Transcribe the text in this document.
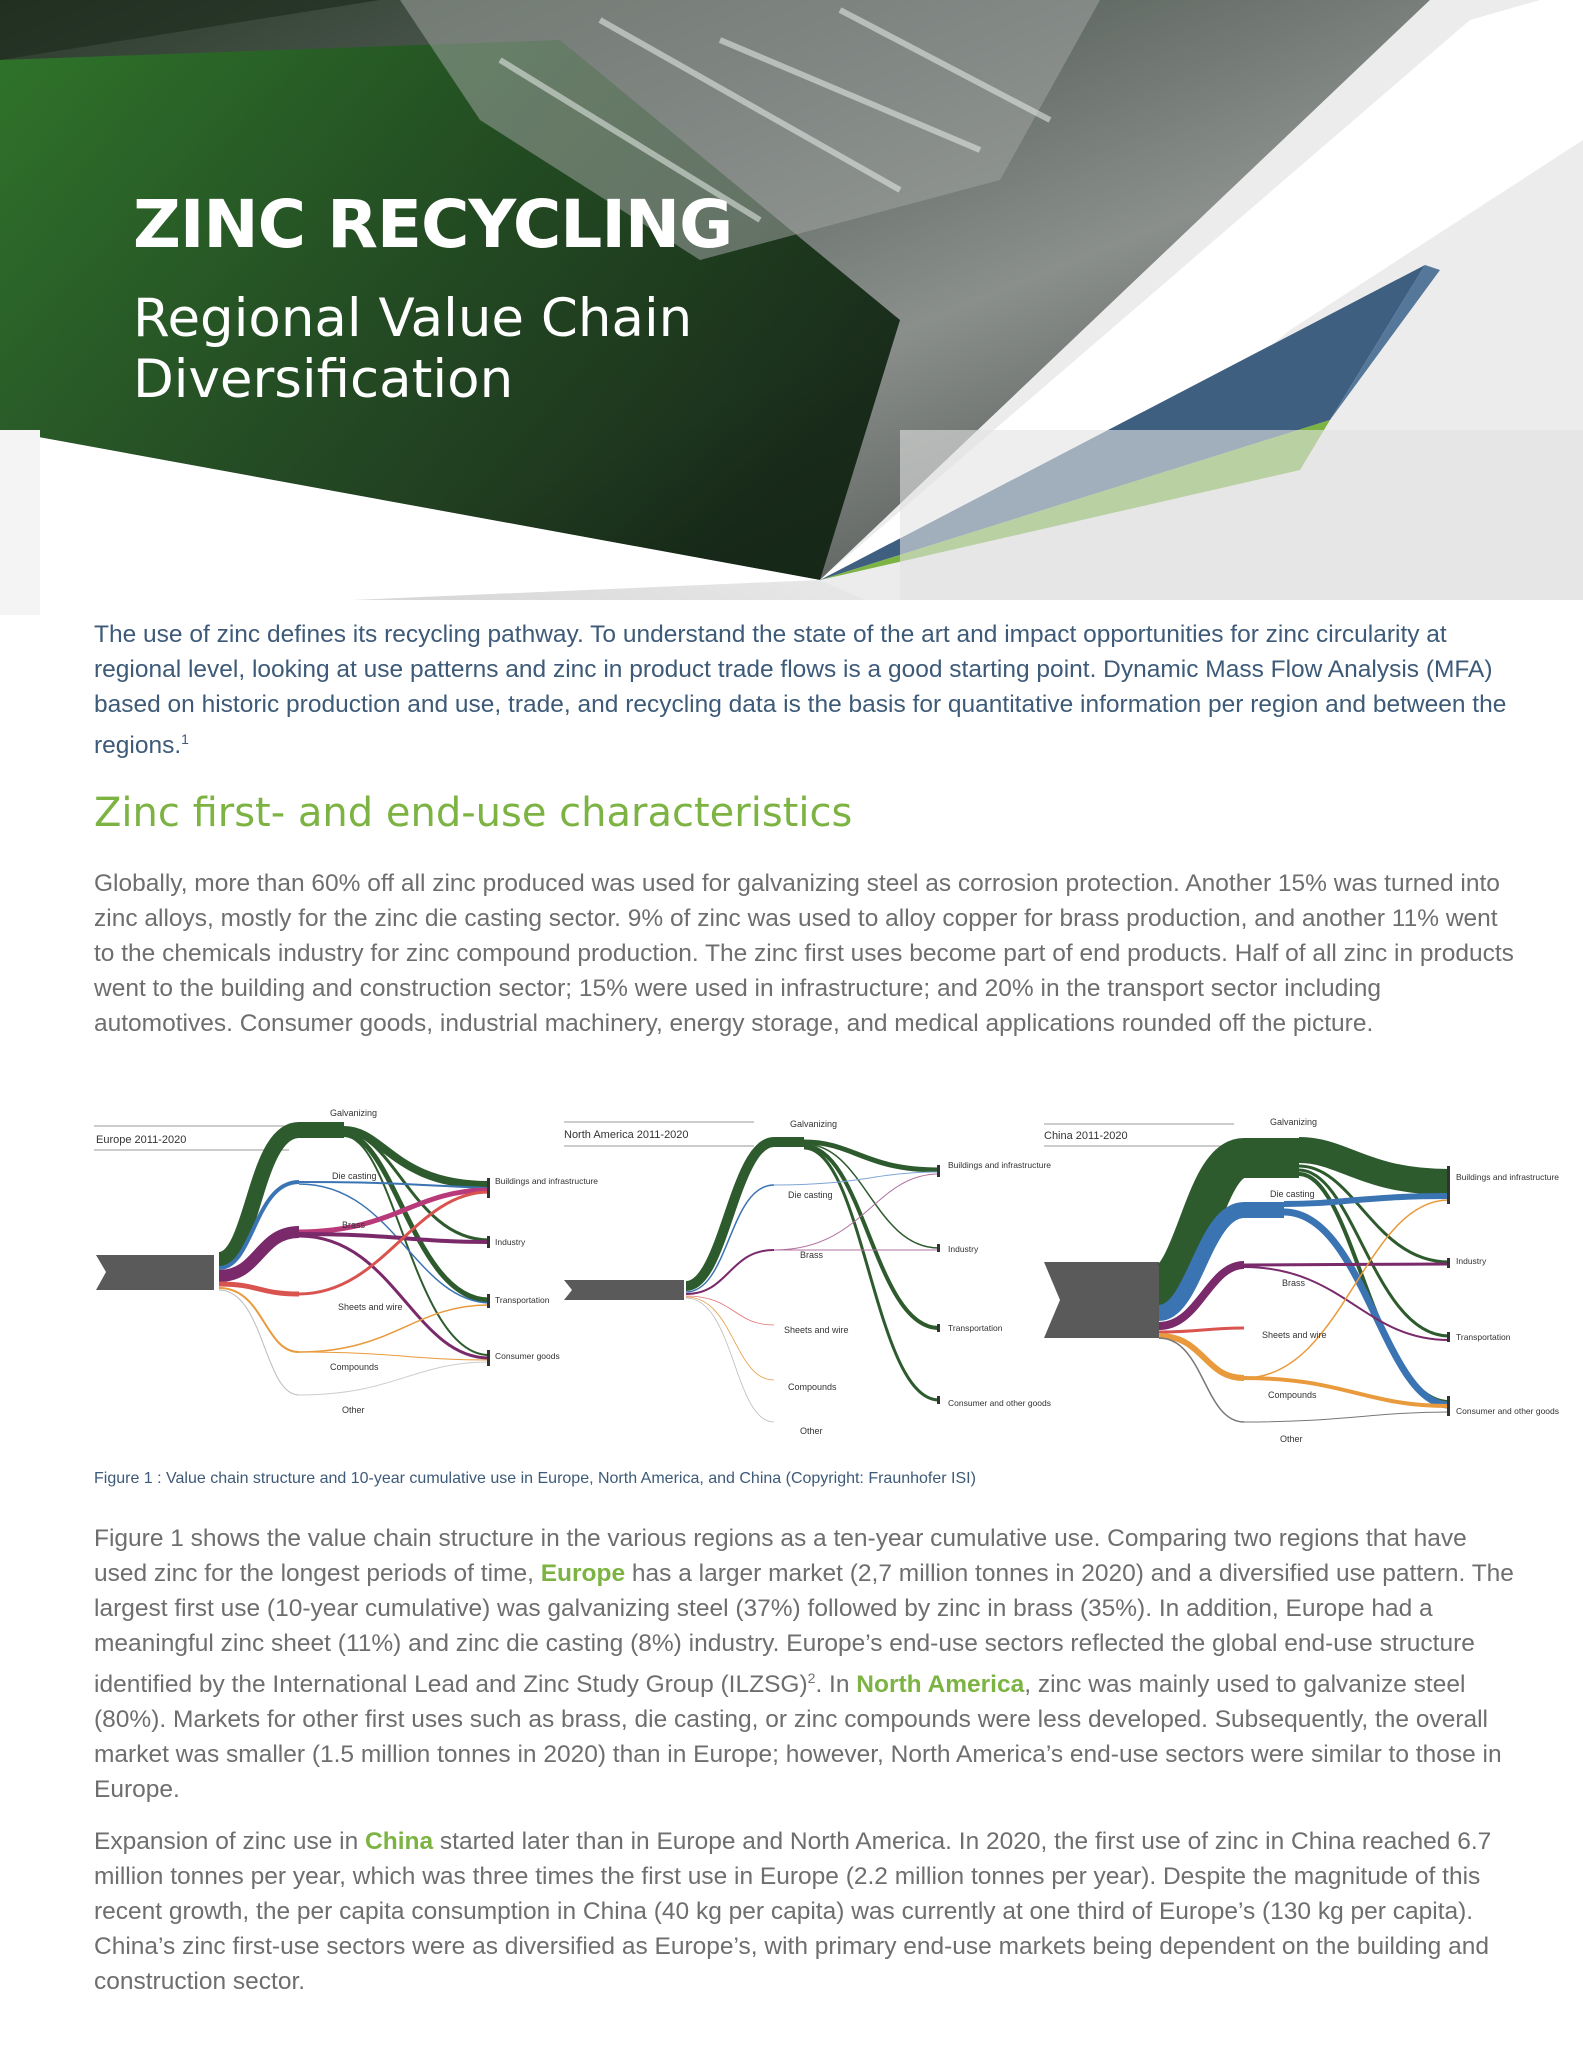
ZINC RECYCLING
Regional Value Chain Diversification

The use of zinc defines its recycling pathway. To understand the state of the art and impact opportunities for zinc circularity at regional level, looking at use patterns and zinc in product trade flows is a good starting point. Dynamic Mass Flow Analysis (MFA) based on historic production and use, trade, and recycling data is the basis for quantitative information per region and between the regions.$^1$

Zinc first- and end-use characteristics

Globally, more than 60% off all zinc produced was used for galvanizing steel as corrosion protection. Another 15% was turned into zinc alloys, mostly for the zinc die casting sector. 9% of zinc was used to alloy copper for brass production, and another 11% went to the chemicals industry for zinc compound production. The zinc first uses become part of end products. Half of all zinc in products went to the building and construction sector; 15% were used in infrastructure; and 20% in the transport sector including automotives. Consumer goods, industrial machinery, energy storage, and medical applications rounded off the picture.

Europe 2011-2020
Galvanizing
Die casting
Brass
Sheets and wire
Compounds
Other
Buildings and infrastructure
Industry
Transportation
Consumer goods
North America 2011-2020
Galvanizing
Die casting
Brass
Sheets and wire
Compounds
Other
Buildings and infrastructure
Industry
Transportation
Consumer and other goods
China 2011-2020
Galvanizing
Die casting
Brass
Sheets and wire
Compounds
Other
Buildings and infrastructure
Industry
Transportation
Consumer and other goods
Figure 1 : Value chain structure and 10-year cumulative use in Europe, North America, and China (Copyright: Fraunhofer ISI)

Figure 1 shows the value chain structure in the various regions as a ten-year cumulative use. Comparing two regions that have used zinc for the longest periods of time, Europe has a larger market (2,7 million tonnes in 2020) and a diversified use pattern. The largest first use (10-year cumulative) was galvanizing steel (37%) followed by zinc in brass (35%). In addition, Europe had a meaningful zinc sheet (11%) and zinc die casting (8%) industry. Europe’s end-use sectors reflected the global end-use structure identified by the International Lead and Zinc Study Group (ILZSG)$^2$. In North America, zinc was mainly used to galvanize steel (80%). Markets for other first uses such as brass, die casting, or zinc compounds were less developed. Subsequently, the overall market was smaller (1.5 million tonnes in 2020) than in Europe; however, North America’s end-use sectors were similar to those in Europe.

Expansion of zinc use in China started later than in Europe and North America. In 2020, the first use of zinc in China reached 6.7 million tonnes per year, which was three times the first use in Europe (2.2 million tonnes per year). Despite the magnitude of this recent growth, the per capita consumption in China (40 kg per capita) was currently at one third of Europe’s (130 kg per capita). China’s zinc first-use sectors were as diversified as Europe’s, with primary end-use markets being dependent on the building and construction sector.
